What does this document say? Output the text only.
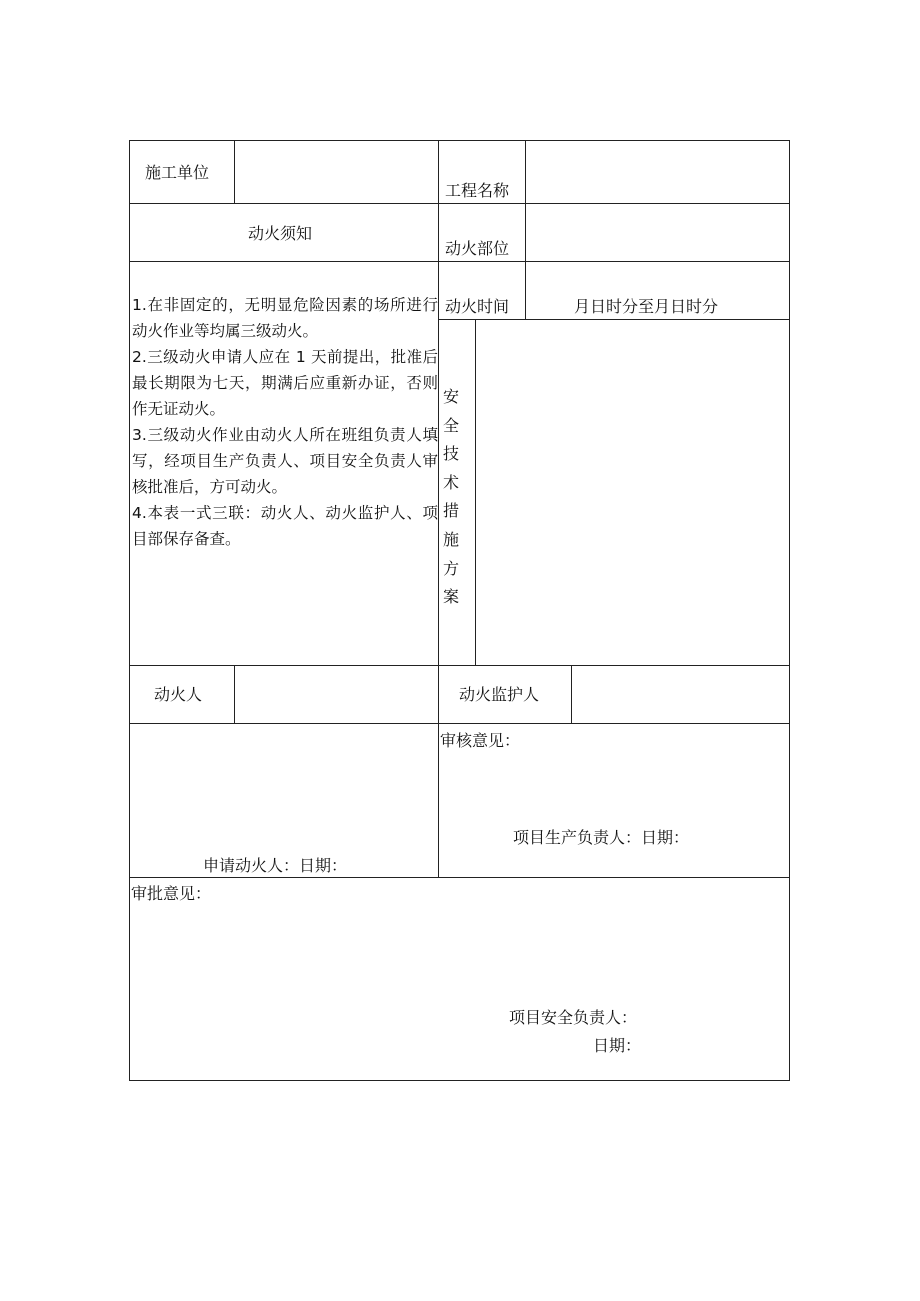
施工单位
工程名称
动火须知
动火部位
动火时间	月日时分至月日时分

1.在非固定的，无明显危险因素的场所进行动火作业等均属三级动火。

2.三级动火申请人应在 1 天前提出，批准后最长期限为七天，期满后应重新办证，否则作无证动火。

3.三级动火作业由动火人所在班组负责人填写，经项目生产负责人、项目安全负责人审核批准后，方可动火。

4.本表一式三联：动火人、动火监护人、项目部保存备查。

安
全
技
术
措
施
方
案
动火人	动火监护人
申请动火人：日期：
审核意见：
项目生产负责人：日期：
审批意见：
项目安全负责人：
日期：
